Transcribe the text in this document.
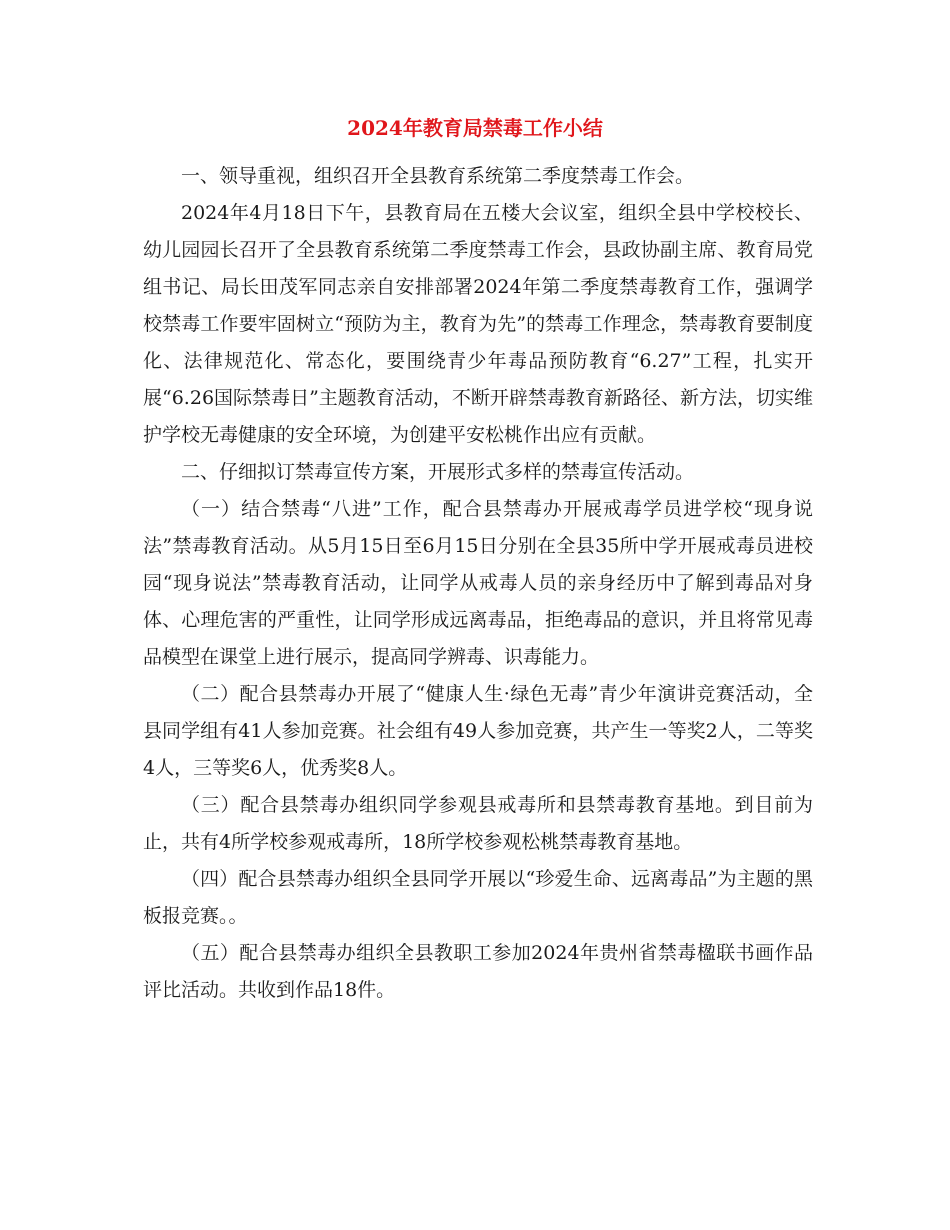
2024年教育局禁毒工作小结

一、领导重视，组织召开全县教育系统第二季度禁毒工作会。

2024年4月18日下午，县教育局在五楼大会议室，组织全县中学校校长、幼儿园园长召开了全县教育系统第二季度禁毒工作会，县政协副主席、教育局党组书记、局长田茂军同志亲自安排部署2024年第二季度禁毒教育工作，强调学校禁毒工作要牢固树立“预防为主，教育为先”的禁毒工作理念，禁毒教育要制度化、法律规范化、常态化，要围绕青少年毒品预防教育“6.27”工程，扎实开展“6.26国际禁毒日”主题教育活动，不断开辟禁毒教育新路径、新方法，切实维护学校无毒健康的安全环境，为创建平安松桃作出应有贡献。

二、仔细拟订禁毒宣传方案，开展形式多样的禁毒宣传活动。

（一）结合禁毒“八进”工作，配合县禁毒办开展戒毒学员进学校“现身说法”禁毒教育活动。从5月15日至6月15日分别在全县35所中学开展戒毒员进校园“现身说法”禁毒教育活动，让同学从戒毒人员的亲身经历中了解到毒品对身体、心理危害的严重性，让同学形成远离毒品，拒绝毒品的意识，并且将常见毒品模型在课堂上进行展示，提高同学辨毒、识毒能力。

（二）配合县禁毒办开展了“健康人生·绿色无毒”青少年演讲竞赛活动，全县同学组有41人参加竞赛。社会组有49人参加竞赛，共产生一等奖2人，二等奖4人，三等奖6人，优秀奖8人。

（三）配合县禁毒办组织同学参观县戒毒所和县禁毒教育基地。到目前为止，共有4所学校参观戒毒所，18所学校参观松桃禁毒教育基地。

（四）配合县禁毒办组织全县同学开展以“珍爱生命、远离毒品”为主题的黑板报竞赛。。

（五）配合县禁毒办组织全县教职工参加2024年贵州省禁毒楹联书画作品评比活动。共收到作品18件。
